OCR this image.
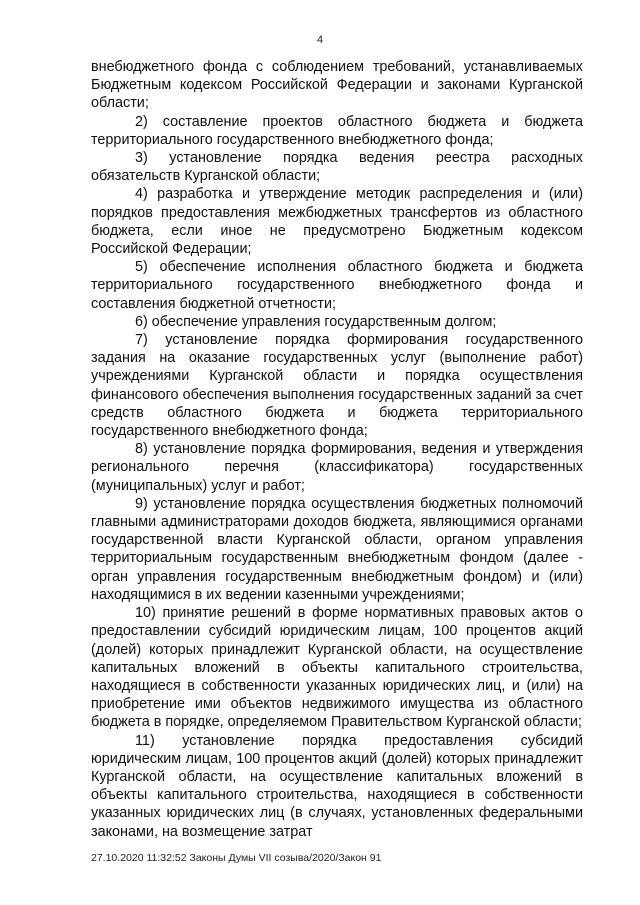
4

внебюджетного фонда с соблюдением требований, устанавливаемых Бюджетным кодексом Российской Федерации и законами Курганской области;

2) составление проектов областного бюджета и бюджета территориального государственного внебюджетного фонда;

3) установление порядка ведения реестра расходных обязательств Курганской области;

4) разработка и утверждение методик распределения и (или) порядков предоставления межбюджетных трансфертов из областного бюджета, если иное не предусмотрено Бюджетным кодексом Российской Федерации;

5) обеспечение исполнения областного бюджета и бюджета территориального государственного внебюджетного фонда и составления бюджетной отчетности;

6) обеспечение управления государственным долгом;

7) установление порядка формирования государственного задания на оказание государственных услуг (выполнение работ) учреждениями Курганской области и порядка осуществления финансового обеспечения выполнения государственных заданий за счет средств областного бюджета и бюджета территориального государственного внебюджетного фонда;

8) установление порядка формирования, ведения и утверждения регионального перечня (классификатора) государственных (муниципальных) услуг и работ;

9) установление порядка осуществления бюджетных полномочий главными администраторами доходов бюджета, являющимися органами государственной власти Курганской области, органом управления территориальным государственным внебюджетным фондом (далее - орган управления государственным внебюджетным фондом) и (или) находящимися в их ведении казенными учреждениями;

10) принятие решений в форме нормативных правовых актов о предоставлении субсидий юридическим лицам, 100 процентов акций (долей) которых принадлежит Курганской области, на осуществление капитальных вложений в объекты капитального строительства, находящиеся в собственности указанных юридических лиц, и (или) на приобретение ими объектов недвижимого имущества из областного бюджета в порядке, определяемом Правительством Курганской области;

11) установление порядка предоставления субсидий юридическим лицам, 100 процентов акций (долей) которых принадлежит Курганской области, на осуществление капитальных вложений в объекты капитального строительства, находящиеся в собственности указанных юридических лиц (в случаях, установленных федеральными законами, на возмещение затрат

27.10.2020 11:32:52 Законы Думы VII созыва/2020/Закон 91
